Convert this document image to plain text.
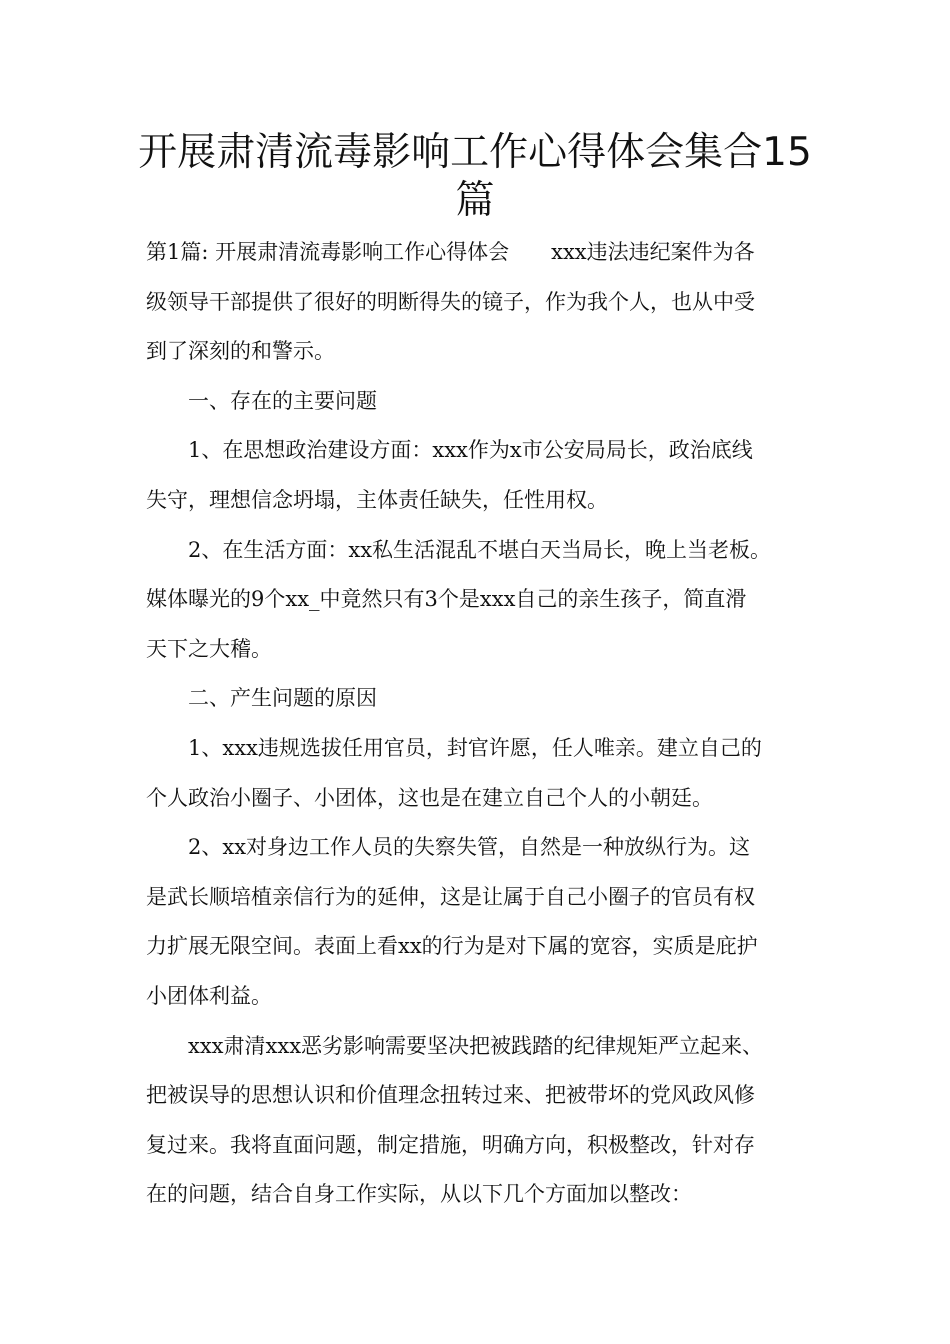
开展肃清流毒影响工作心得体会集合15
篇
第1篇: 开展肃清流毒影响工作心得体会　　xxx违法违纪案件为各
级领导干部提供了很好的明断得失的镜子，作为我个人，也从中受
到了深刻的和警示。
一、存在的主要问题
1、在思想政治建设方面：xxx作为x市公安局局长，政治底线
失守，理想信念坍塌，主体责任缺失，任性用权。
2、在生活方面：xx私生活混乱不堪白天当局长，晚上当老板。
媒体曝光的9个xx_中竟然只有3个是xxx自己的亲生孩子，简直滑
天下之大稽。
二、产生问题的原因
1、xxx违规选拔任用官员，封官许愿，任人唯亲。建立自己的
个人政治小圈子、小团体，这也是在建立自己个人的小朝廷。
2、xx对身边工作人员的失察失管，自然是一种放纵行为。这
是武长顺培植亲信行为的延伸，这是让属于自己小圈子的官员有权
力扩展无限空间。表面上看xx的行为是对下属的宽容，实质是庇护
小团体利益。
xxx肃清xxx恶劣影响需要坚决把被践踏的纪律规矩严立起来、
把被误导的思想认识和价值理念扭转过来、把被带坏的党风政风修
复过来。我将直面问题，制定措施，明确方向，积极整改，针对存
在的问题，结合自身工作实际，从以下几个方面加以整改：
